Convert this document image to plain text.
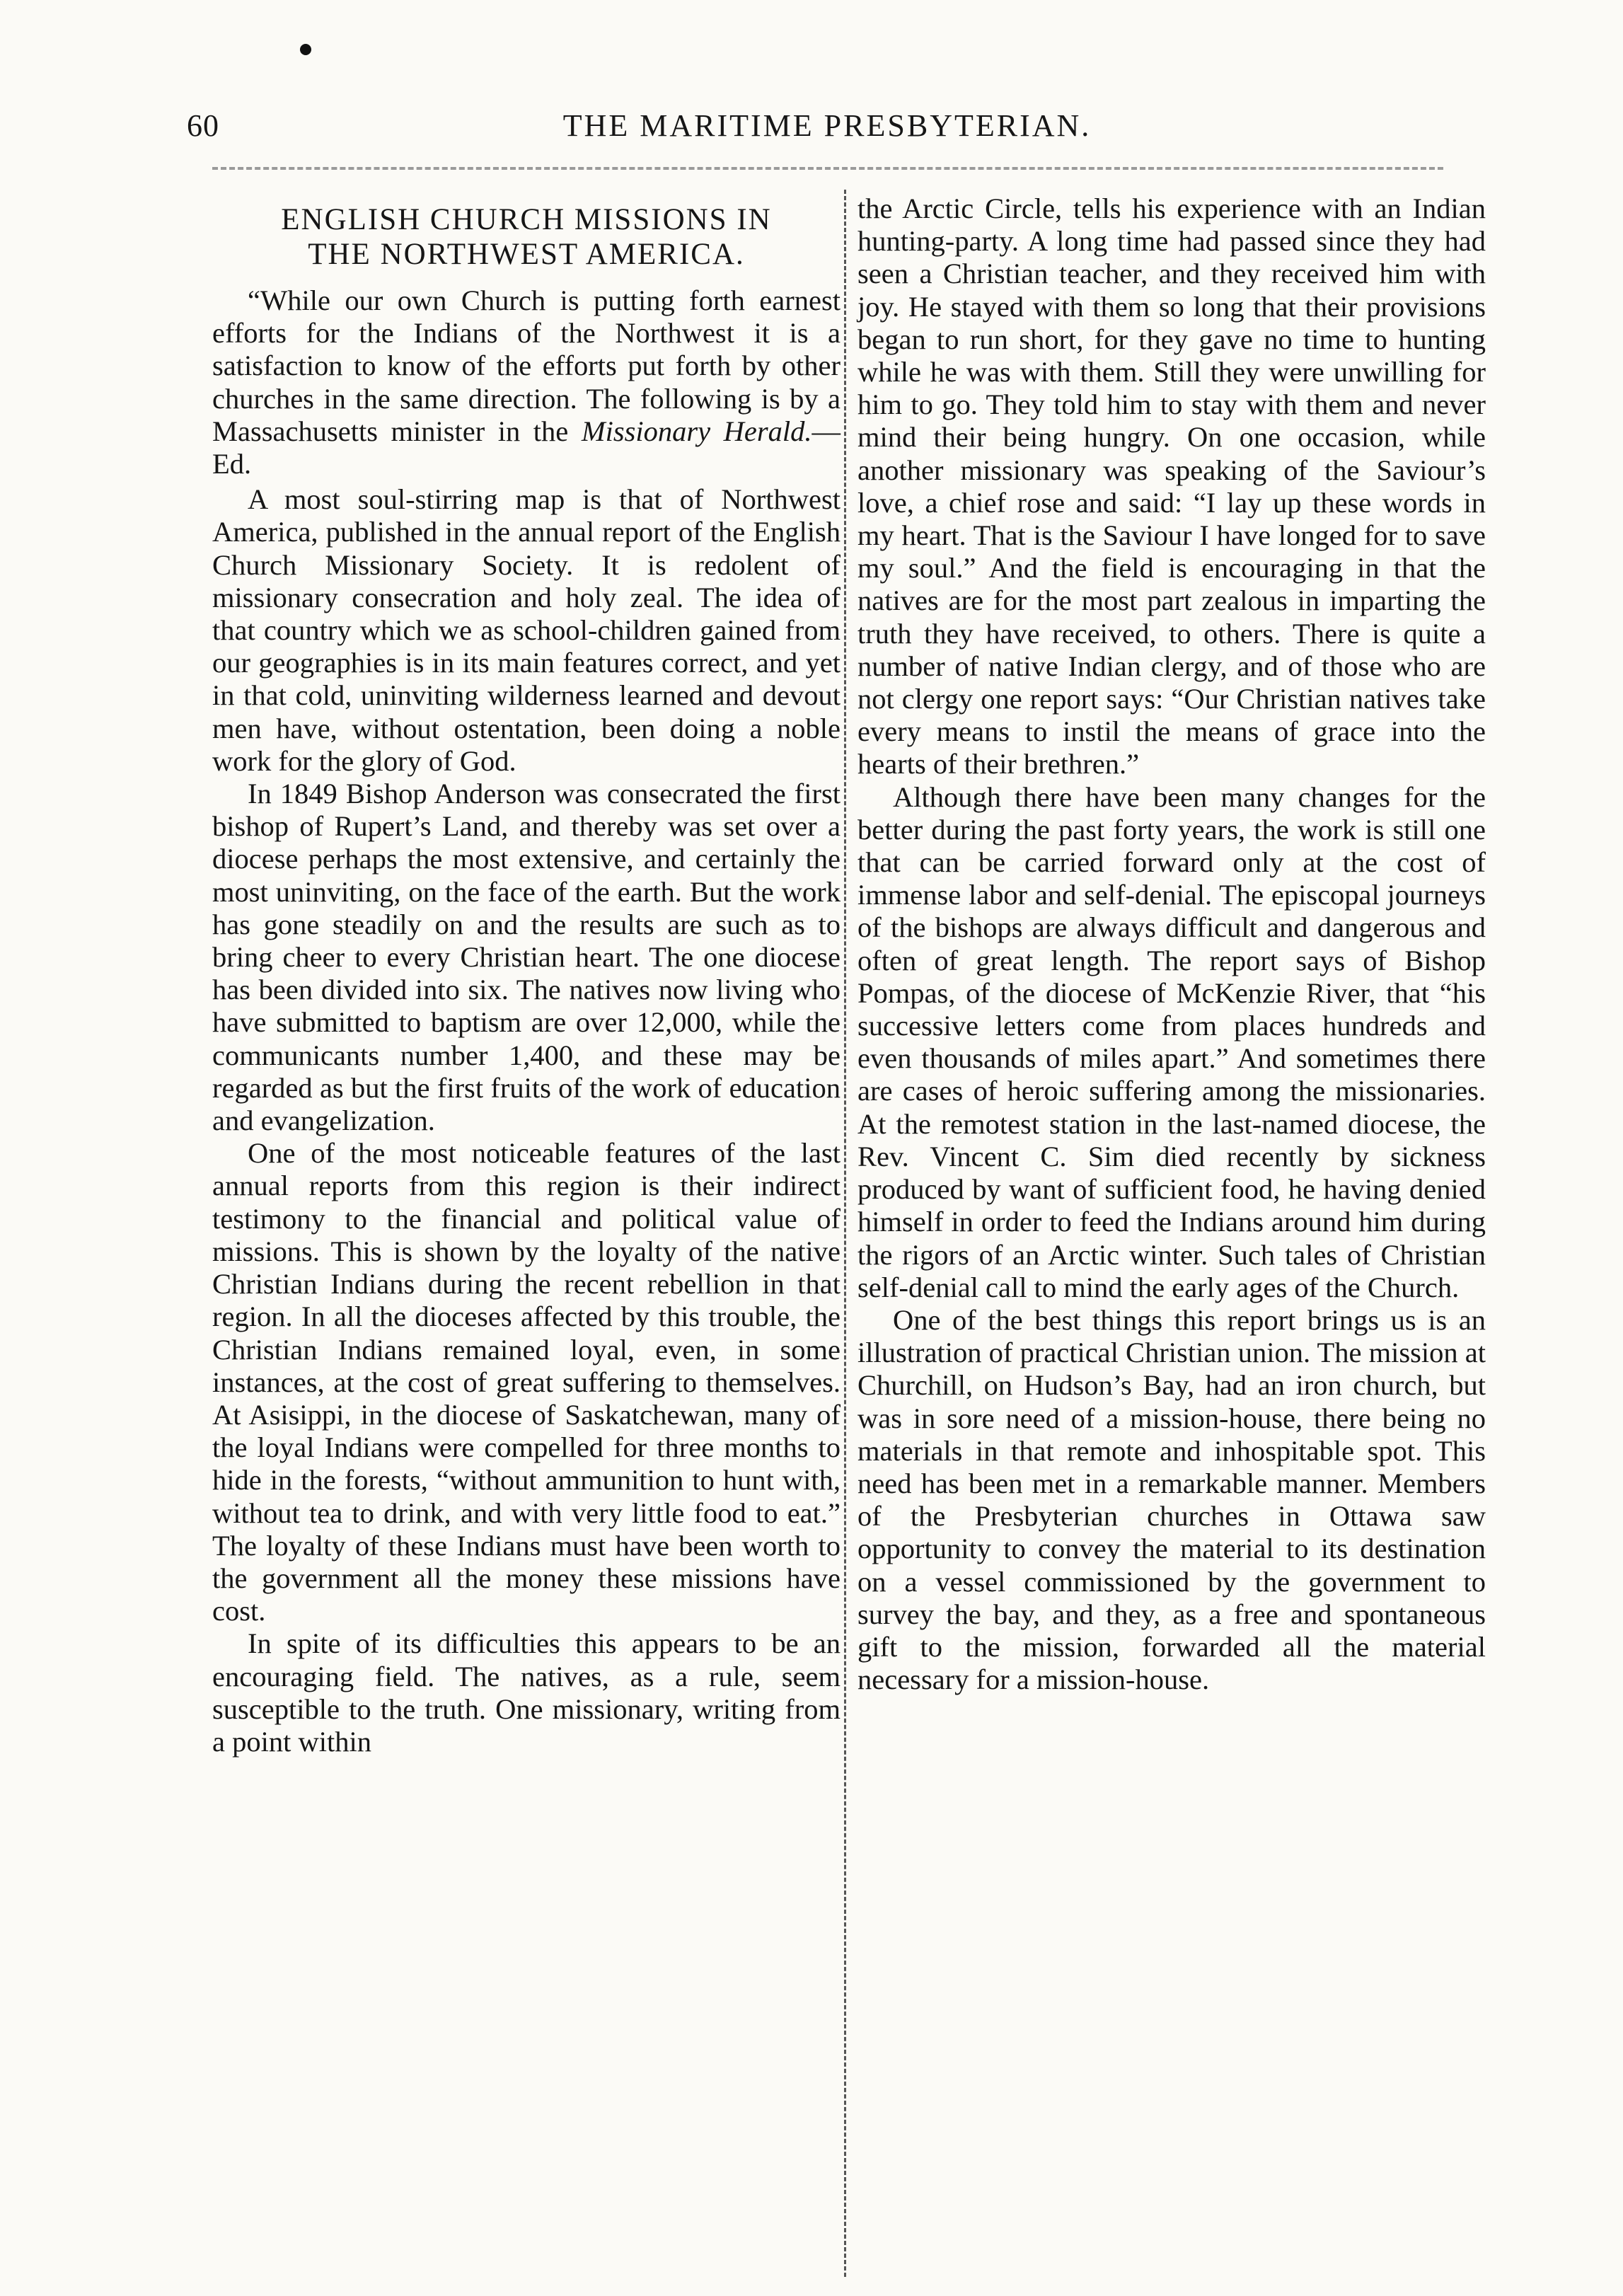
60	THE MARITIME PRESBYTERIAN.
ENGLISH CHURCH MISSIONS IN
THE NORTHWEST AMERICA.

“While our own Church is putting forth earnest efforts for the Indians of the Northwest it is a satisfaction to know of the efforts put forth by other churches in the same direction. The following is by a Massachusetts minister in the Missionary Herald.—Ed.

A most soul-stirring map is that of Northwest America, published in the annual report of the English Church Missionary Society. It is redolent of missionary consecration and holy zeal. The idea of that country which we as school-children gained from our geographies is in its main features correct, and yet in that cold, uninviting wilderness learned and devout men have, without ostentation, been doing a noble work for the glory of God.

In 1849 Bishop Anderson was consecrated the first bishop of Rupert’s Land, and thereby was set over a diocese perhaps the most extensive, and certainly the most uninviting, on the face of the earth. But the work has gone steadily on and the results are such as to bring cheer to every Christian heart. The one diocese has been divided into six. The natives now living who have submitted to baptism are over 12,000, while the communicants number 1,400, and these may be regarded as but the first fruits of the work of education and evangelization.

One of the most noticeable features of the last annual reports from this region is their indirect testimony to the financial and political value of missions. This is shown by the loyalty of the native Christian Indians during the recent rebellion in that region. In all the dioceses affected by this trouble, the Christian Indians remained loyal, even, in some instances, at the cost of great suffering to themselves. At Asisippi, in the diocese of Saskatchewan, many of the loyal Indians were compelled for three months to hide in the forests, “without ammunition to hunt with, without tea to drink, and with very little food to eat.” The loyalty of these Indians must have been worth to the government all the money these missions have cost.

In spite of its difficulties this appears to be an encouraging field. The natives, as a rule, seem susceptible to the truth. One missionary, writing from a point within

the Arctic Circle, tells his experience with an Indian hunting-party. A long time had passed since they had seen a Christian teacher, and they received him with joy. He stayed with them so long that their provisions began to run short, for they gave no time to hunting while he was with them. Still they were unwilling for him to go. They told him to stay with them and never mind their being hungry. On one occasion, while another missionary was speaking of the Saviour’s love, a chief rose and said: “I lay up these words in my heart. That is the Saviour I have longed for to save my soul.” And the field is encouraging in that the natives are for the most part zealous in imparting the truth they have received, to others. There is quite a number of native Indian clergy, and of those who are not clergy one report says: “Our Christian natives take every means to instil the means of grace into the hearts of their brethren.”

Although there have been many changes for the better during the past forty years, the work is still one that can be carried forward only at the cost of immense labor and self-denial. The episcopal journeys of the bishops are always difficult and dangerous and often of great length. The report says of Bishop Pompas, of the diocese of McKenzie River, that “his successive letters come from places hundreds and even thousands of miles apart.” And sometimes there are cases of heroic suffering among the missionaries. At the remotest station in the last-named diocese, the Rev. Vincent C. Sim died recently by sickness produced by want of sufficient food, he having denied himself in order to feed the Indians around him during the rigors of an Arctic winter. Such tales of Christian self-denial call to mind the early ages of the Church.

One of the best things this report brings us is an illustration of practical Christian union. The mission at Churchill, on Hudson’s Bay, had an iron church, but was in sore need of a mission-house, there being no materials in that remote and inhospitable spot. This need has been met in a remarkable manner. Members of the Presbyterian churches in Ottawa saw opportunity to convey the material to its destination on a vessel commissioned by the government to survey the bay, and they, as a free and spontaneous gift to the mission, forwarded all the material necessary for a mission-house.
